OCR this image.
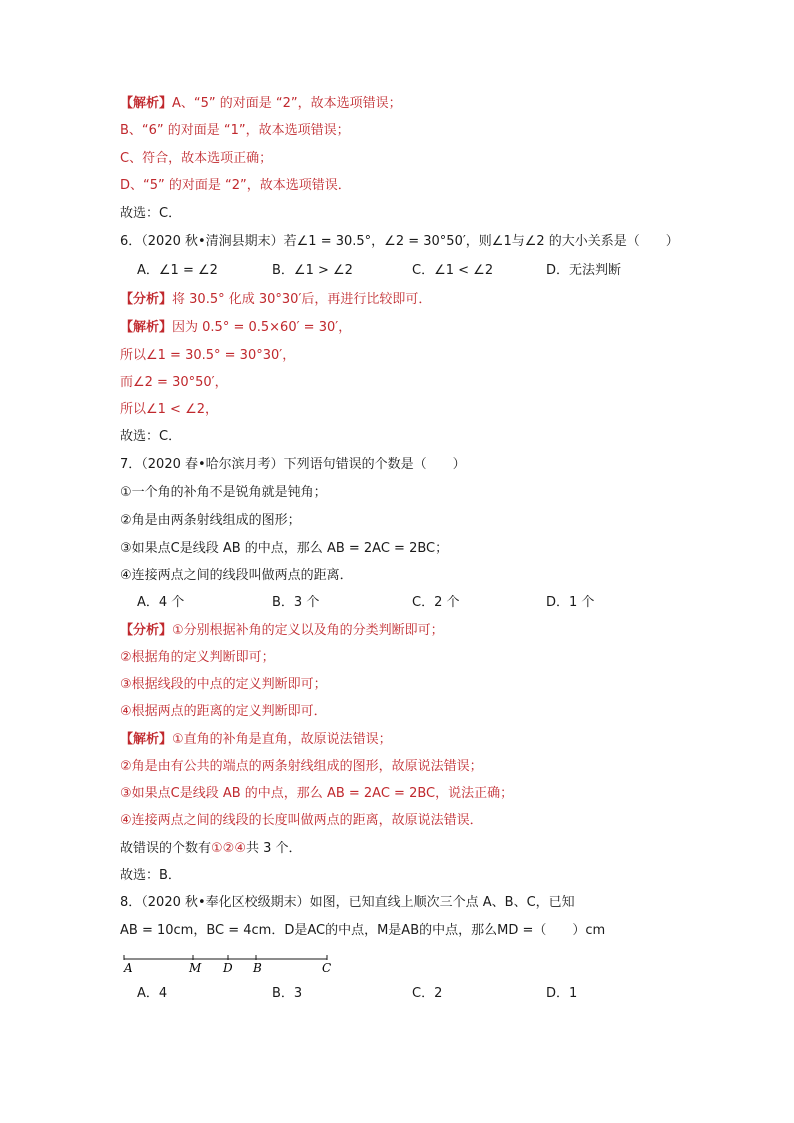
【解析】A、“5” 的对面是 “2”，故本选项错误；
B、“6” 的对面是 “1”，故本选项错误；
C、符合，故本选项正确；
D、“5” 的对面是 “2”，故本选项错误．
故选：C．
6．（2020 秋•清涧县期末）若∠1 = 30.5°，∠2 = 30°50′，则∠1与∠2 的大小关系是（　　）
A．∠1 = ∠2	B．∠1 > ∠2	C．∠1 < ∠2	D．无法判断
【分析】将 30.5° 化成 30°30′后，再进行比较即可．
【解析】因为 0.5° = 0.5×60′ = 30′，
所以∠1 = 30.5° = 30°30′，
而∠2 = 30°50′，
所以∠1 < ∠2，
故选：C．
7．（2020 春•哈尔滨月考）下列语句错误的个数是（　　）
①一个角的补角不是锐角就是钝角；
②角是由两条射线组成的图形；
③如果点C是线段 AB 的中点，那么 AB = 2AC = 2BC；
④连接两点之间的线段叫做两点的距离．
A．4 个	B．3 个	C．2 个	D．1 个
【分析】①分别根据补角的定义以及角的分类判断即可；
②根据角的定义判断即可；
③根据线段的中点的定义判断即可；
④根据两点的距离的定义判断即可．
【解析】①直角的补角是直角，故原说法错误；
②角是由有公共的端点的两条射线组成的图形，故原说法错误；
③如果点C是线段 AB 的中点，那么 AB = 2AC = 2BC，说法正确；
④连接两点之间的线段的长度叫做两点的距离，故原说法错误．
故错误的个数有①②④共 3 个．
故选：B．
8．（2020 秋•奉化区校级期末）如图，已知直线上顺次三个点 A、B、C，已知
AB = 10cm，BC = 4cm．D是AC的中点，M是AB的中点，那么MD =（　　）cm
A	M D B	C
A．4	B．3	C．2	D．1
